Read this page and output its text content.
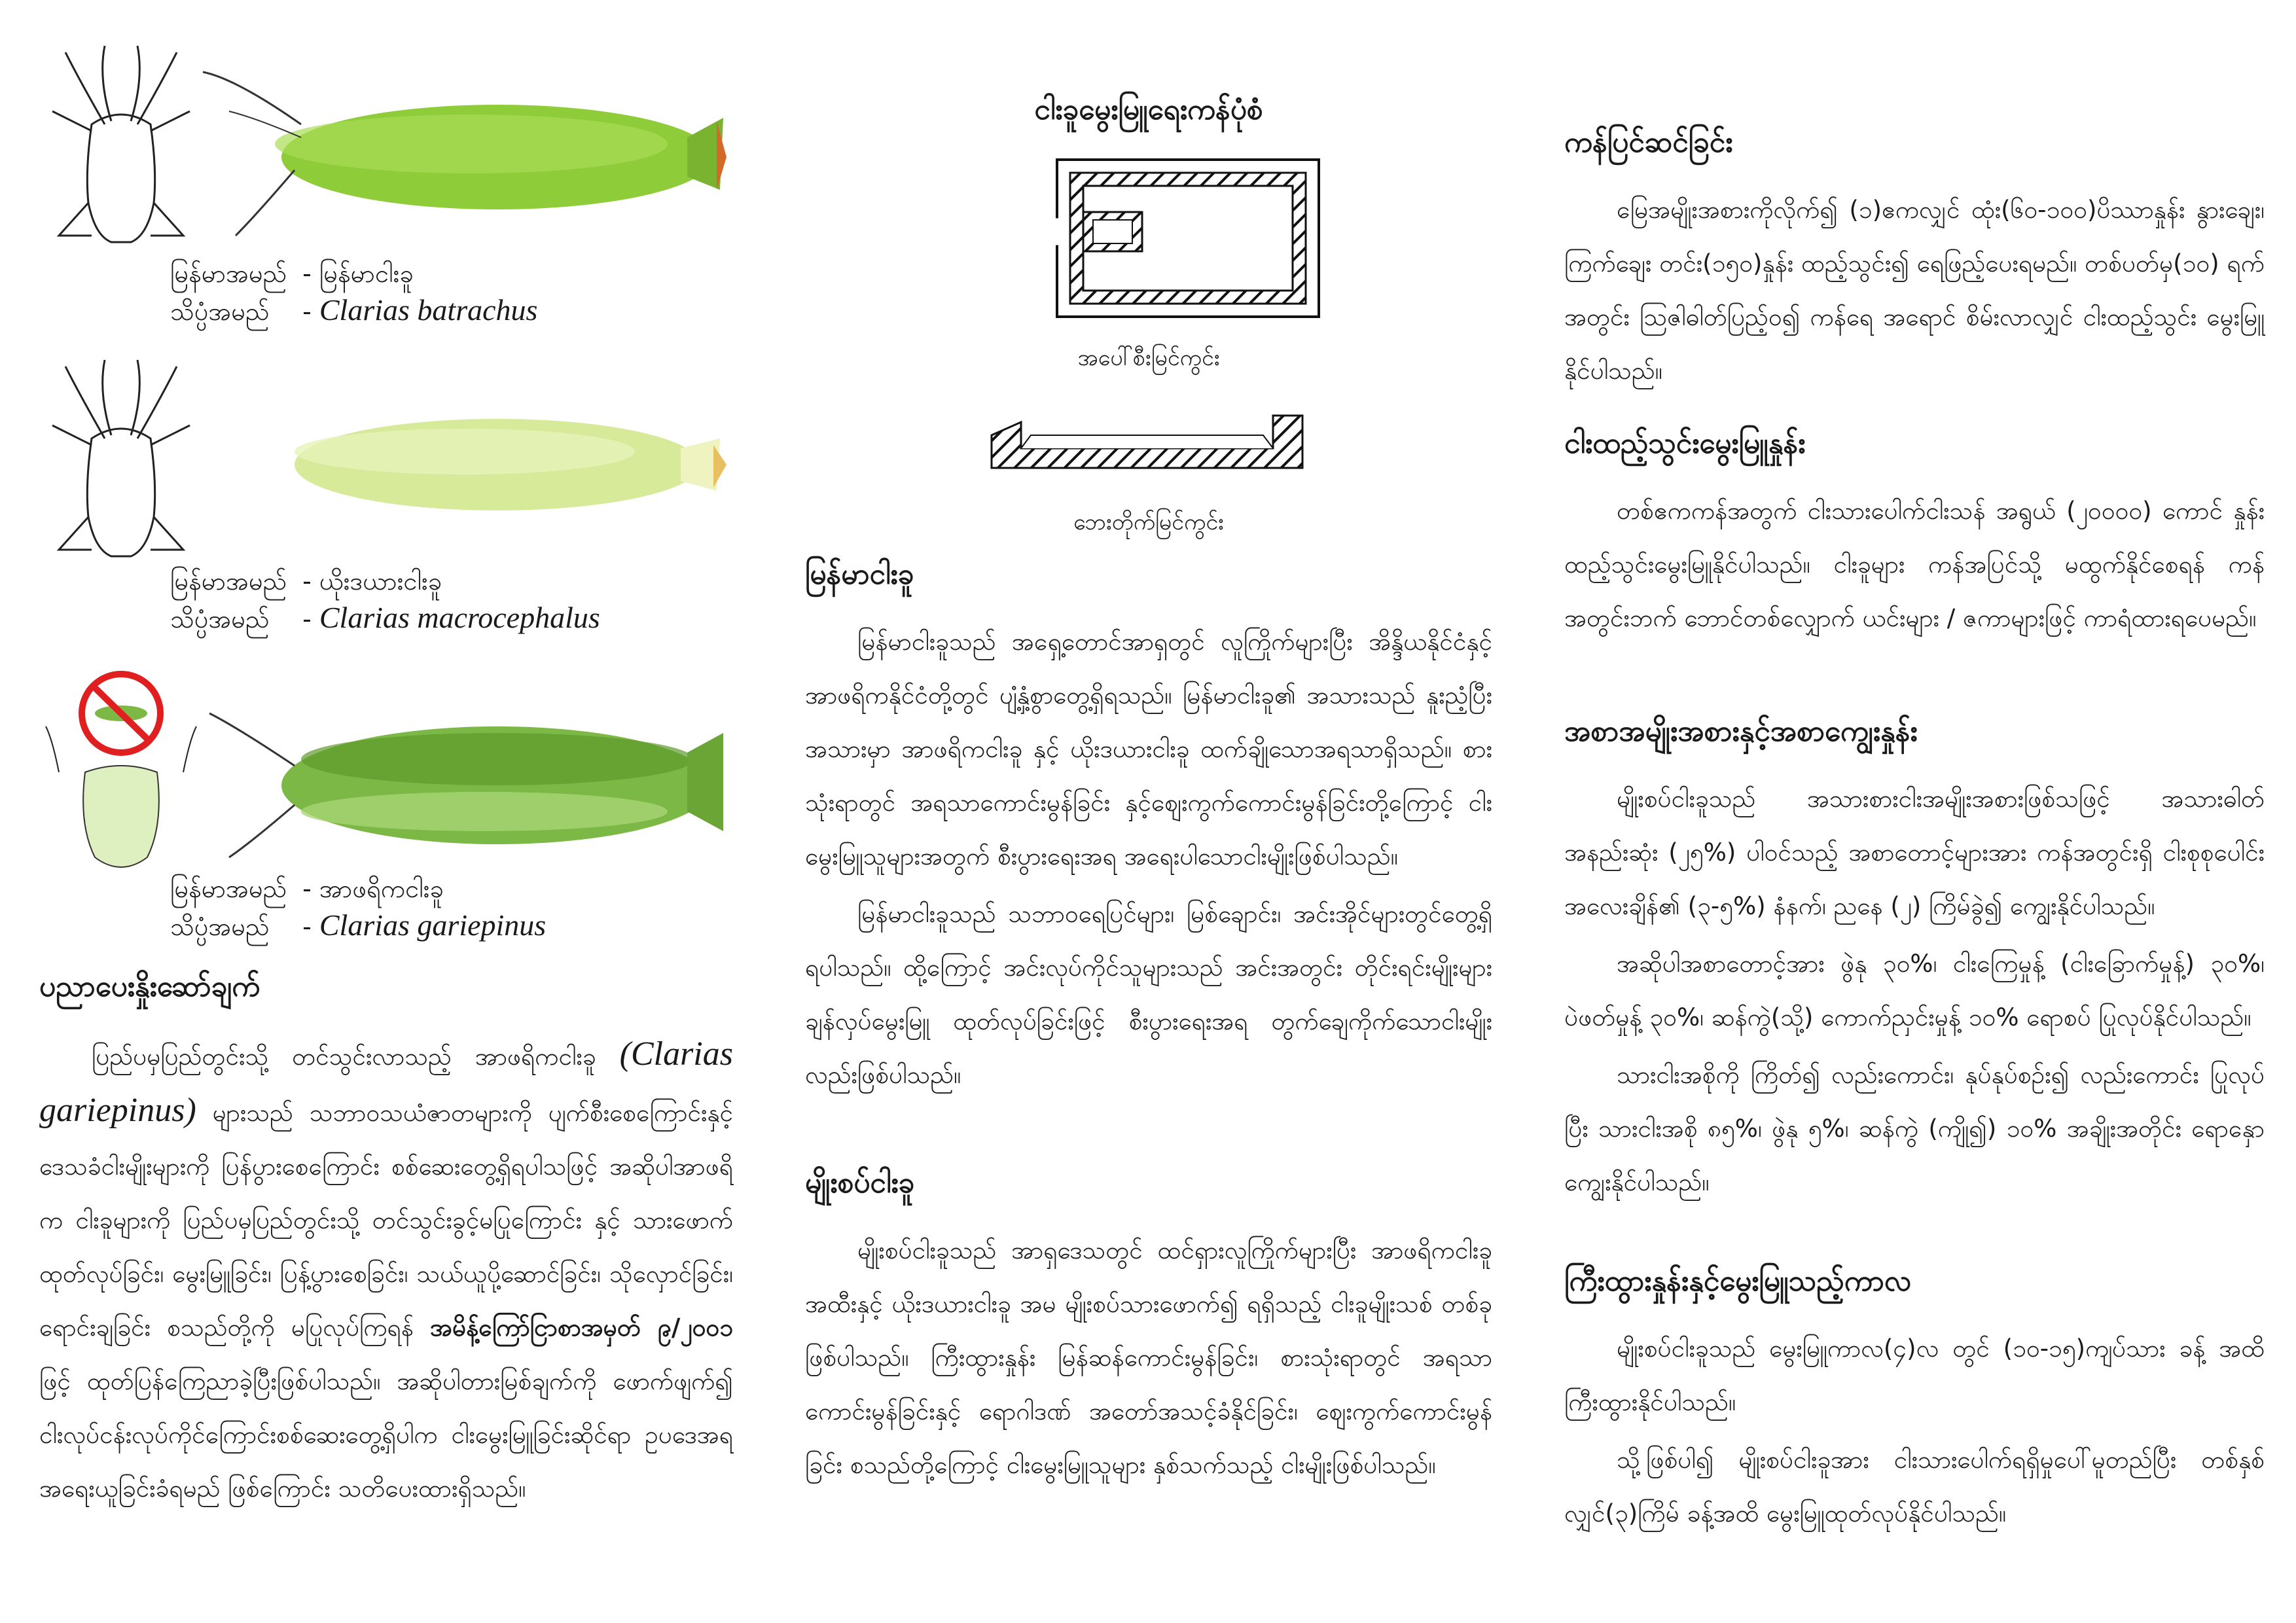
မြန်မာအမည် - မြန်မာငါးခူ
သိပ္ပံအမည် - Clarias batrachus
မြန်မာအမည် - ယိုးဒယားငါးခူ
သိပ္ပံအမည် - Clarias macrocephalus
မြန်မာအမည် - အာဖရိကငါးခူ
သိပ္ပံအမည် - Clarias gariepinus
ပညာပေးနှိုးဆော်ချက်

ပြည်ပမှပြည်တွင်းသို့ တင်သွင်းလာသည့် အာဖရိကငါးခူ (Clarias gariepinus) များသည် သဘာဝသယံဇာတများကို ပျက်စီးစေကြောင်းနှင့် ဒေသခံငါးမျိုးများကို ပြန်ပွားစေကြောင်း စစ်ဆေးတွေ့ရှိရပါသဖြင့် အဆိုပါအာဖရိက ငါးခူများကို ပြည်ပမှပြည်တွင်းသို့ တင်သွင်းခွင့်မပြုကြောင်း နှင့် သားဖောက်ထုတ်လုပ်ခြင်း၊ မွေးမြူခြင်း၊ ပြန့်ပွားစေခြင်း၊ သယ်ယူပို့ဆောင်ခြင်း၊ သိုလှောင်ခြင်း၊ ရောင်းချခြင်း စသည်တို့ကို မပြုလုပ်ကြရန် အမိန့်ကြော်ငြာစာအမှတ် ၉/၂၀၀၁ ဖြင့် ထုတ်ပြန်ကြေညာခဲ့ပြီးဖြစ်ပါသည်။ အဆိုပါတားမြစ်ချက်ကို ဖောက်ဖျက်၍ ငါးလုပ်ငန်းလုပ်ကိုင်ကြောင်းစစ်ဆေးတွေ့ရှိပါက ငါးမွေးမြူခြင်းဆိုင်ရာ ဥပဒေအရ အရေးယူခြင်းခံရမည် ဖြစ်ကြောင်း သတိပေးထားရှိသည်။

ငါးခူမွေးမြူရေးကန်ပုံစံ
အပေါ်စီးမြင်ကွင်း
ဘေးတိုက်မြင်ကွင်း
မြန်မာငါးခူ

မြန်မာငါးခူသည် အရှေ့တောင်အာရှတွင် လူကြိုက်များပြီး အိန္ဒိယနိုင်ငံနှင့် အာဖရိကနိုင်ငံတို့တွင် ပျံ့နှံ့စွာတွေ့ရှိရသည်။ မြန်မာငါးခူ၏ အသားသည် နူးညံ့ပြီး အသားမှာ အာဖရိကငါးခူ နှင့် ယိုးဒယားငါးခူ ထက်ချိုသောအရသာရှိသည်။ စားသုံးရာတွင် အရသာကောင်းမွန်ခြင်း နှင့်ဈေးကွက်ကောင်းမွန်ခြင်းတို့ကြောင့် ငါးမွေးမြူသူများအတွက် စီးပွားရေးအရ အရေးပါသောငါးမျိုးဖြစ်ပါသည်။

မြန်မာငါးခူသည် သဘာဝရေပြင်များ၊ မြစ်ချောင်း၊ အင်းအိုင်များတွင်တွေ့ရှိရပါသည်။ ထို့ကြောင့် အင်းလုပ်ကိုင်သူများသည် အင်းအတွင်း တိုင်းရင်းမျိုးများ ချန်လှပ်မွေးမြူ ထုတ်လုပ်ခြင်းဖြင့် စီးပွားရေးအရ တွက်ချေကိုက်သောငါးမျိုးလည်းဖြစ်ပါသည်။

မျိုးစပ်ငါးခူ

မျိုးစပ်ငါးခူသည် အာရှဒေသတွင် ထင်ရှားလူကြိုက်များပြီး အာဖရိကငါးခူအထီးနှင့် ယိုးဒယားငါးခူ အမ မျိုးစပ်သားဖောက်၍ ရရှိသည့် ငါးခူမျိုးသစ် တစ်ခုဖြစ်ပါသည်။ ကြီးထွားနှုန်း မြန်ဆန်ကောင်းမွန်ခြင်း၊ စားသုံးရာတွင် အရသာကောင်းမွန်ခြင်းနှင့် ရောဂါဒဏ် အတော်အသင့်ခံနိုင်ခြင်း၊ ဈေးကွက်ကောင်းမွန်ခြင်း စသည်တို့ကြောင့် ငါးမွေးမြူသူများ နှစ်သက်သည့် ငါးမျိုးဖြစ်ပါသည်။

ကန်ပြင်ဆင်ခြင်း

မြေအမျိုးအစားကိုလိုက်၍ (၁)ဧကလျှင် ထုံး(၆၀-၁၀၀)ပိဿာနှုန်း နွားချေး၊ ကြက်ချေး တင်း(၁၅၀)နှုန်း ထည့်သွင်း၍ ရေဖြည့်ပေးရမည်။ တစ်ပတ်မှ(၁၀) ရက်အတွင်း သြဇါဓါတ်ပြည့်ဝ၍ ကန်ရေ အရောင် စိမ်းလာလျှင် ငါးထည့်သွင်း မွေးမြူနိုင်ပါသည်။

ငါးထည့်သွင်းမွေးမြူနှုန်း

တစ်ဧကကန်အတွက် ငါးသားပေါက်ငါးသန် အရွယ် (၂၀၀၀၀) ကောင် နှုန်း ထည့်သွင်းမွေးမြူနိုင်ပါသည်။ ငါးခူများ ကန်အပြင်သို့ မထွက်နိုင်စေရန် ကန်အတွင်းဘက် ဘောင်တစ်လျှောက် ယင်းများ / ဇကာများဖြင့် ကာရံထားရပေမည်။

အစာအမျိုးအစားနှင့်အစာကျွေးနှုန်း

မျိုးစပ်ငါးခူသည် အသားစားငါးအမျိုးအစားဖြစ်သဖြင့် အသားဓါတ် အနည်းဆုံး (၂၅%) ပါဝင်သည့် အစာတောင့်များအား ကန်အတွင်းရှိ ငါးစုစုပေါင်း အလေးချိန်၏ (၃-၅%) နံနက်၊ ညနေ (၂) ကြိမ်ခွဲ၍ ကျွေးနိုင်ပါသည်။

အဆိုပါအစာတောင့်အား ဖွဲနု ၃၀%၊ ငါးကြေမှုန့် (ငါးခြောက်မှုန့်) ၃၀%၊ ပဲဖတ်မှုန့် ၃၀%၊ ဆန်ကွဲ(သို့) ကောက်ညှင်းမှုန့် ၁၀% ရောစပ် ပြုလုပ်နိုင်ပါသည်။

သားငါးအစိုကို ကြိတ်၍ လည်းကောင်း၊ နုပ်နုပ်စဉ်း၍ လည်းကောင်း ပြုလုပ်ပြီး သားငါးအစို ၈၅%၊ ဖွဲနု ၅%၊ ဆန်ကွဲ (ကျို၍) ၁၀% အချိုးအတိုင်း ရောနှော ကျွေးနိုင်ပါသည်။

ကြီးထွားနှုန်းနှင့်မွေးမြူသည့်ကာလ

မျိုးစပ်ငါးခူသည် မွေးမြူကာလ(၄)လ တွင် (၁၀-၁၅)ကျပ်သား ခန့် အထိကြီးထွားနိုင်ပါသည်။

သို့ဖြစ်ပါ၍ မျိုးစပ်ငါးခူအား ငါးသားပေါက်ရရှိမှုပေါ်မူတည်ပြီး တစ်နှစ်လျှင်(၃)ကြိမ် ခန့်အထိ မွေးမြူထုတ်လုပ်နိုင်ပါသည်။
